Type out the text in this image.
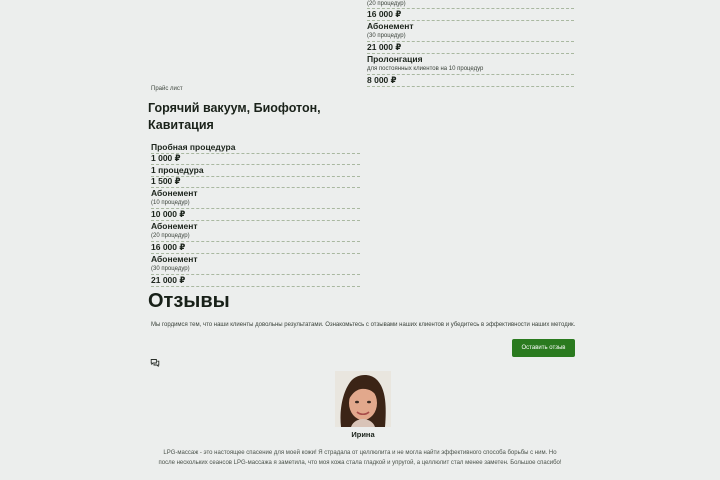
(20 процедур)
16 000 ₽
Абонемент
(30 процедур)
21 000 ₽
Пролонгация
для постоянных клиентов на 10 процедур
8 000 ₽
Прайс лист
Горячий вакуум, Биофотон,
Кавитация
Пробная процедура
1 000 ₽
1 процедура
1 500 ₽
Абонемент
(10 процедур)
10 000 ₽
Абонемент
(20 процедур)
16 000 ₽
Абонемент
(30 процедур)
21 000 ₽
Отзывы
Мы гордимся тем, что наши клиенты довольны результатами. Ознакомьтесь с отзывами наших клиентов и убедитесь в эффективности наших методик.
Оставить отзыв
Ирина
LPG-массаж - это настоящее спасение для моей кожи! Я страдала от целлюлита и не могла найти эффективного способа борьбы с ним. Но после нескольких сеансов LPG-массажа я заметила, что моя кожа стала гладкой и упругой, а целлюлит стал менее заметен. Большое спасибо!
